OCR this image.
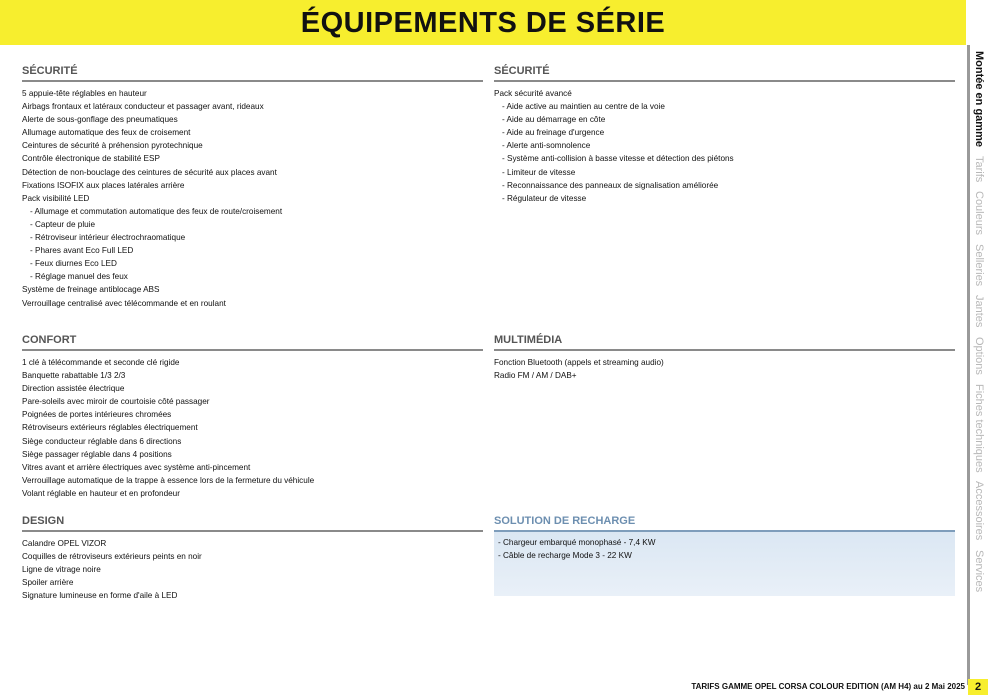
ÉQUIPEMENTS DE SÉRIE
SÉCURITÉ
5 appuie-tête réglables en hauteur
Airbags frontaux et latéraux conducteur et passager avant, rideaux
Alerte de sous-gonflage des pneumatiques
Allumage automatique des feux de croisement
Ceintures de sécurité à préhension pyrotechnique
Contrôle électronique de stabilité ESP
Détection de non-bouclage des ceintures de sécurité aux places avant
Fixations ISOFIX aux places latérales arrière
Pack visibilité LED
- Allumage et commutation automatique des feux de route/croisement
- Capteur de pluie
- Rétroviseur intérieur électrochraomatique
- Phares avant Eco Full LED
- Feux diurnes Eco LED
- Réglage manuel des feux
Système de freinage antiblocage ABS
Verrouillage centralisé avec télécommande et en roulant
SÉCURITÉ
Pack sécurité avancé
- Aide active au maintien au centre de la voie
- Aide au démarrage en côte
- Aide au freinage d'urgence
- Alerte anti-somnolence
- Système anti-collision à basse vitesse et détection des piétons
- Limiteur de vitesse
- Reconnaissance des panneaux de signalisation améliorée
- Régulateur de vitesse
CONFORT
1 clé à télécommande et seconde clé rigide
Banquette rabattable 1/3 2/3
Direction assistée électrique
Pare-soleils avec miroir de courtoisie côté passager
Poignées de portes intérieures chromées
Rétroviseurs extérieurs réglables électriquement
Siège conducteur réglable dans 6 directions
Siège passager réglable dans 4 positions
Vitres avant et arrière électriques avec système anti-pincement
Verrouillage automatique de la trappe à essence lors de la fermeture du véhicule
Volant réglable en hauteur et en profondeur
MULTIMÉDIA
Fonction Bluetooth (appels et streaming audio)
Radio FM / AM / DAB+
DESIGN
Calandre OPEL VIZOR
Coquilles de rétroviseurs extérieurs peints en noir
Ligne de vitrage noire
Spoiler arrière
Signature lumineuse en forme d'aile à LED
SOLUTION DE RECHARGE
- Chargeur embarqué monophasé - 7,4 KW
- Câble de recharge Mode 3 - 22 KW
Montée en gammeTarifsCouleursSelleriesJantesOptionsFiches techniquesAccessoiresServices
TARIFS GAMME OPEL CORSA COLOUR EDITION (AM H4) au 2 Mai 2025 2
